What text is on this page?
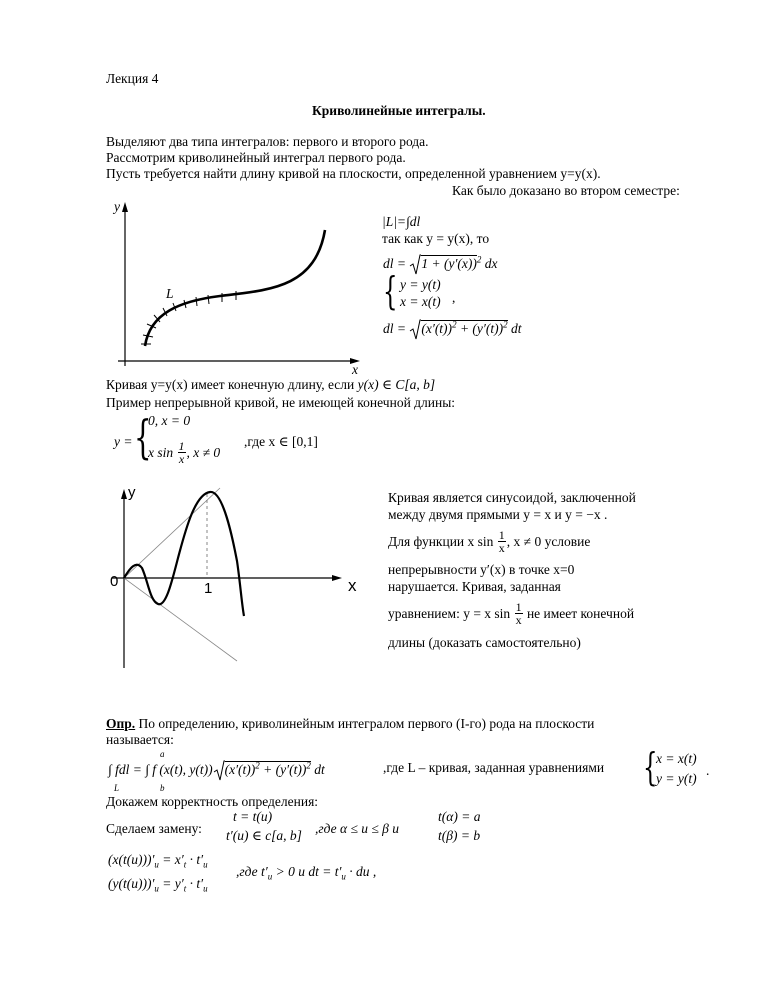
Лекция 4
Криволинейные интегралы.
Выделяют два типа интегралов: первого и второго рода.
Рассмотрим криволинейный интеграл первого рода.
Пусть требуется найти длину кривой на плоскости, определенной уравнением y=y(x).
Как было доказано во втором семестре:
y
x
L
|L|=∫dl
так как y = y(x), то
dl = $1 + (y'(x))^2$ dx
{ y = y(t)
x = x(t) ,
dl = $(x'(t))^2 + (y'(t))^2$ dt
Кривая y=y(x) имеет конечную длину, если y(x) ∈ C[a, b]
Пример непрерывной кривой, не имеющей конечной длины:
y = {
0, x = 0
x $\sin \frac{1}{x}$ , x ≠ 0
,где x ∈ [0,1]
y
x
0	1
Кривая является синусоидой, заключенной
между двумя прямыми y = x и y = −x .
Для функции x $\sin \frac{1}{x}$ , x ≠ 0 условие
непрерывности y′(x) в точке x=0
нарушается. Кривая, заданная
уравнением: y = x $\sin \frac{1}{x}$ не имеет конечной
длины (доказать самостоятельно)
Опр. По определению, криволинейным интегралом первого (I-го) рода на плоскости
называется:
∫ fdl = ∫ f (x(t), y(t)) $(x'(t))^2 + (y'(t))^2$ dt
L
a
b
,где L – кривая, заданная уравнениями {
x = x(t)
y = y(t)
.
Докажем корректность определения:
Сделаем замену:
t = t(u)
t′(u) ∈ c[a, b] ,где α ≤ u ≤ β и
t(α) = a
t(β) = b
$(x(t(u)))'_u = x'_t \cdot t'_u$
$(y(t(u)))'_u = y'_t \cdot t'_u$
,где $t'_u > 0$ и dt = $t'_u$ · du ,
